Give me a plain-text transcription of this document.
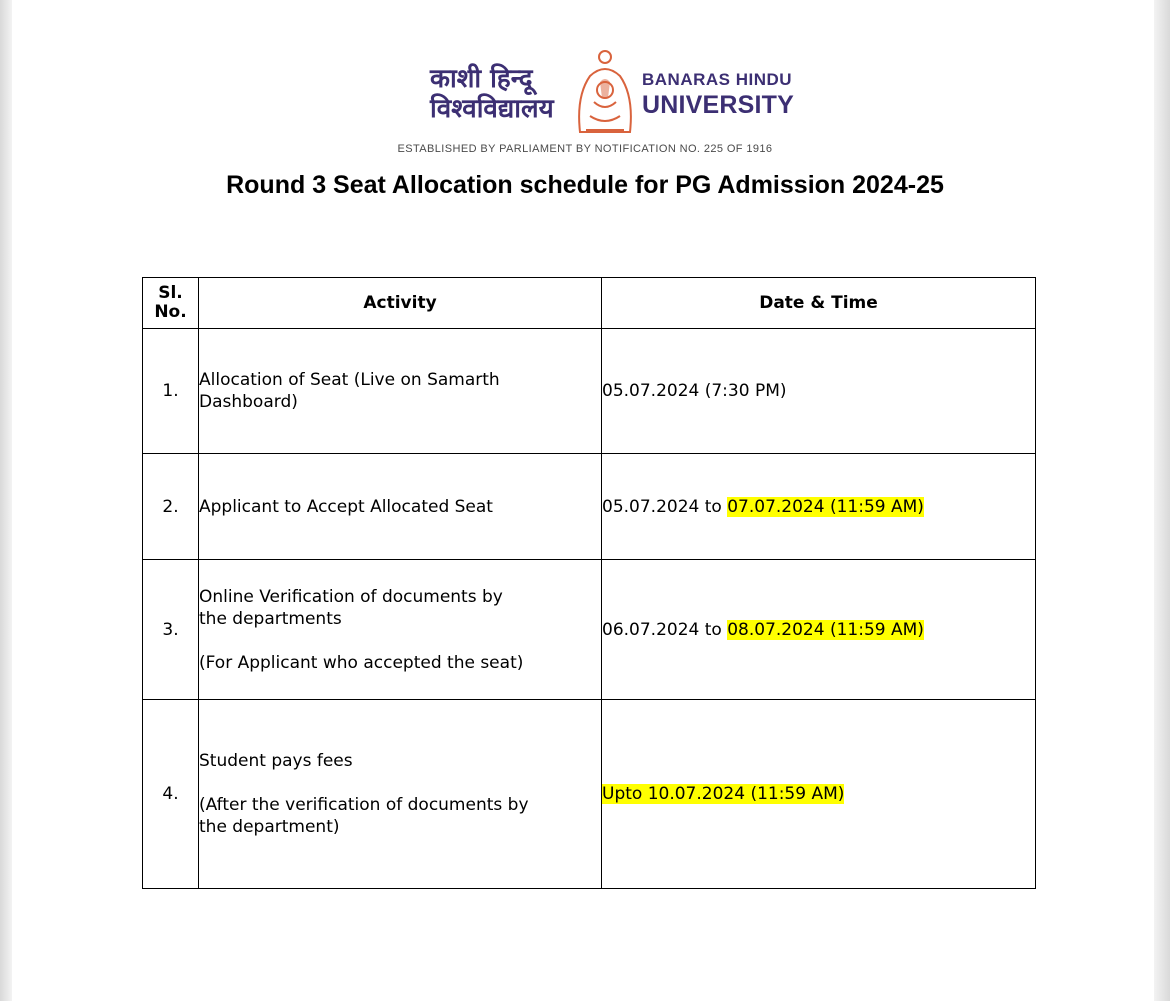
काशी हिन्दू
विश्वविद्यालय
BANARAS HINDU
UNIVERSITY
ESTABLISHED BY PARLIAMENT BY NOTIFICATION NO. 225 OF 1916
Round 3 Seat Allocation schedule for PG Admission 2024-25
Sl.
No.	Activity	Date & Time
1.	Allocation of Seat (Live on Samarth Dashboard)	05.07.2024 (7:30 PM)
2.	Applicant to Accept Allocated Seat	05.07.2024 to 07.07.2024 (11:59 AM)
3.	Online Verification of documents by
the departments
(For Applicant who accepted the seat)	06.07.2024 to 08.07.2024 (11:59 AM)
4.	Student pays fees
(After the verification of documents by
the department)	Upto 10.07.2024 (11:59 AM)
